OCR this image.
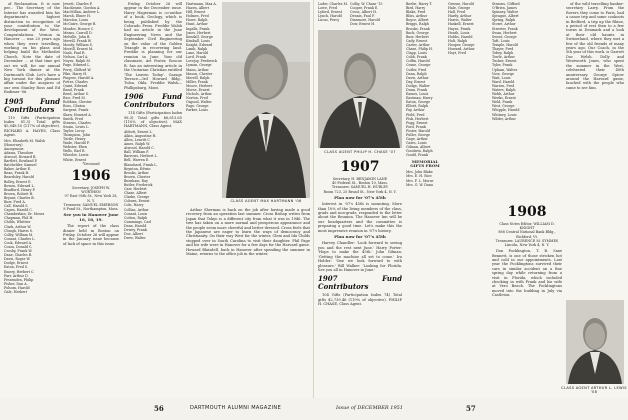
of Reclamation. It is now per... The Secretary of the Interior has awarded him his department's highest distinction in recognition of your contribution to the development of the West. Congratulations. Vernon in Hanover ... was 25 years ago when they were travelling, working on his plans and helping build the Methodist Church. Note the date of December ... at that time get out we will, for our annual New York dinner at the Dartmouth Club. Let's have a big turnout for this pleasant affair under the auspices of our own Stanley Ross and Ed Rodimer '06.

1905 Fund Contributors

110 Gifts (Participation Index 81.3) Total gifts $5,048.10 (117% of objective). RICHARD A. HAYES, Class Agent.

Mrs. Elizabeth M. Walsh
(Honorary)
Anonymous
Adams, Theodore
Atwood, Howard B.
Bartlett, Rowland P.
Batchelder, Samuel
Baker, Arthur E.
Bean, Frank H.
Beardsley, Harold
Bolley, Ernest E.
Bowen, Edward L.
Bradford, Henry P.
Brown, Robert H.
Bryant, Charles B.
Burr, Fred A.
Call, Harold S.
Capen, Harold C.
Chamberlain, Dr. Moses
Chapman, Phil H.
Childs, Whittier
Clark, Arthur W.
Clough, Harris S.
Colby, William M.
Conant, Charles L.
Cook, Edward A.
Cozza, Donald C.
Crosby, Frank W.
Dane, Charles B.
Davis, Roger W.
Dodge, Ernest
Eaton, Fred S.
Emery, Herbert C.
Farr, Arthur D.
Fessenden, Philip
Fisher, Dan A.
Folsom, Harold
Gale, Herbert
Jewett, Charles P.
MacKenzie, Gordon A.
MacMillan, Andrew L.
Marsh, Elmer H.
Marston, Louis
McGuire, George R.
Meader, Horace C.
Means, Carroll D.
Melville, John B.
Merrill, Frank W.
Moody, William S.
Morrill, Ernest M.
Nash, Paul R.
Nelson, Carl A.
Noyes, Ralph M.
Page, Edward L.
Perry, Clifford W.
Pike, Harry H.
Pingree, Harold A.
Potter, Charles
Quint, Edward
Rand, Frank
Reed, Arthur S.
Rice, Fred M.
Robbins, Chester
Ross, Clinton
Sargent, Frank
Shaw, Howard A.
Smith, Fred
Stearns, Charles
Swain, Lewis L.
Taylor, Leroy
Thompson, John
Tuttle, Henry
Wade, Harold F.
Webster, Eben
Wells, Earl R.
Wheeler, Lewis
White, Ernest
*Deceased
1906
Secretary, JOSEPH W. WORTHEN
97 East 95th St., New York 28, N. Y.
Treasurer, SAMUEL EMERSON
8 Pond St., Northampton, Mass.
See you in Hanover June 16, 18, 19.

The report of the class dinner held in Boston on Friday, October 26 will appear in the January issue because of lack of space in this issue.

Friday, October 26 will appear in the December issue. Harry Hagerman is co-author of a book, Geology, which is being published by the Colorado Press. Freddie Walsh had an article in the June Engineering News and the September Civil Engineering on the value of the Golden Triangle in recovering land. Freddie is planning for our reunion in June. Your old classmate, Art Foster, Roscoe B. has an interesting article in the Unitarian Christian entitled 'The Leaven Today'. Garage Terrace—3rd Howard Bldg., Tulsa, Okla. Freddie Walsh—Phillipsburg, Mont.

1906 Fund Contributors

114 Gifts (Participation Index 98.3) Total gifts $6,613.65 (110% of objective). MAX HARTMANN, Class Agent.

Abbott, Ernest L.
Aikin, Augustine H.
Allen, Leavitt C.
Ames, Ralph W.
Atwood, Harold C.
Ball, William F.
Barrows, Herbert L.
Bell, Warren E.
Blanchard, Frank L.
Boynton, Edwin
Brooks, Arthur
Brown, Chester
Burnham, Ray
Butler, Frederick
Carr, Herbert
Chase, Albert
Clarke, George
Coburn, Ernest
Cole, Harry
Collins, Arthur
Conant, Louis
Cotton, Ralph
Cummings, Carl
Dean, Harold
Dewey, Frank
Doe, Albert
Drew, Walter
Hartmann, Max A.
Hazen, Albert
Hill, Ernest
Holmes, Fred
Howe, Ralph
Hunt, Arthur
Ingalls, Frank
Jones, Herbert
Kendall, George
Kimball, Louis
Knight, Edward
Lamb, Ralph
Lane, Harold
Lord, Frank
Lovejoy, Frederick
Lyman, George
Mann, Arthur
Mason, Chester
Merrill, Ralph
Miller, Frank
Moore, Herbert
Morse, Ernest
Nichols, Arthur
Norton, Fred
Osgood, Walter
Page, George
Parker, Louis
CLASS AGENT MAX HARTMANN '06

Arthur Sherman is back on the job after having made a good recovery from an operation last summer. Cross Bishop writes from Japan that Tokyo is a different city from what it was in 1946. The tree has taken on a more normal and prosperous appearance and the people seem more cheerful and better dressed. Cross feels that the Japanese are eager to learn the ways of democracy and Christianity. On their way West for the winter, Clem and Ida Childs stopped over in South Carolina to visit their daughter. Phil Page and his wife were in Hanover for a few days for the Harvard game. Howard Blaisdell, back in Hanover after spending the summer in Maine, returns to the office job in the winter.

Loder, Charles M.
Lowe, Fred
Lyford, Ernest
Lynch, Harold
Lucas, Percy
Colby, W. Chase '15
Cooper, Frank E.
Cross, Albert H.
Dennis, Paul F.
Dinsmore, Harold
Dow, Ernest H.
CLASS AGENT PHILIP H. CHASE '07
1907
Secretary, H. BENJAMIN LANE
40 Federal St., Boston 10, Mass.
Treasurer, SAMUEL H. HURLEY
Room 723, 25 Broad St., New York 4, N. Y.
Plan now for '07's 45th

Interest in '07's 45th is mounting. More than 10% of the living members of the class, grads and non-grads, responded to the letter about the Reunion. The Hanover Inn will be our headquarters and the committee is preparing a good time. Let's make this the most impressive reunion in '07's history.

Plan now for '07's 45th

Harvey Chandler: 'Look forward to seeing you and the rest next June.' Harry Porter: 'Hope to make the 45th.' John Gilman: 'Getting the machine all set to come.' Ira Holder: 'One we look forward to with pleasure.' Bill Walker: 'Looking for Florida. See you all in Hanover in June.'

1907 Fund Contributors

104 Gifts (Participation Index 74) Total gifts $2,739.46 (119% of objective). PHILIP H. CHASE, Class Agent.

Beebe, Harry T.
Bird, Harry
Blake, Fred
Bliss, Arthur
Boyce, Albert
Briggs, Ralph
Brooks, Frank
Buck, George
Burr, Herbert
Cady, Ernest
Carter, Arthur
Chase, Philip H.
Clapp, Louis
Cobb, Frank
Coffin, Harold
Crane, George
Cutler, Fred
Dana, Ralph
Davis, Arthur
Day, Ernest
Dodge, Walter
Dunn, Frank
Eames, Louis
Eastman, Harry
Eaton, George
Elliott, Ralph
Fay, Arthur
Field, Fred
Fisk, Herbert
Fogg, Ernest
Ford, Frank
Foster, Harold
Fuller, George
Gage, Arthur
Gates, Louis
Gilman, Albert
Goodwin, Ralph
Gould, Frank
MEMORIAL GIFTS FROM
Mrs. John Blake
Mrs. E. H. Rice
Mrs. F. L. Morse
Mrs. G. W. Dana
Greene, Harold
Hale, George
Hall, Fred
Hardy, Arthur
Harris, Walter
Haskell, Ernest
Hayes, Frank
Heath, Louis
Hobbs, Harold
Holt, Ralph
Hooper, George
Howard, Arthur
Hoyt, Fred
Stearns, Clifford
O'Brien, James
Spinney, Walter
Sprague, Albert
Spring, Ralph
Stowe, Arthur
Streeter, Frank
Swan, Herbert
Sweet, George
Taft, Louis
Temple, Harold
Thayer, Fred
Tobey, Ralph
Towle, Arthur
Tucker, Ernest
Tyler, Frank
Upham, Walter
Vose, George
Wait, Louis
Ward, Harold
Warren, Fred
Waters, Ralph
Webb, Arthur
Weeks, Ernest
Weld, Frank
West, George
Whipple, Harold
Whitney, Louis
Wilder, Arthur
1908
Class Notes Editor, WILLIAM D. KNIGHT
888 Central National Bank Bldg., Richford, Vt.
Treasurer, LAURENCE M. SYMMES
Lincoln, New York 4, N. Y.

Don Pocklington, T. B. Saxe Bennett, is one of those stricken hot and cold in our appointments. Last year the Pocklingtons survived their cars in similar accident on a fine spring day while returning from a visit in Florida, which included checking in with Frank and his wife at Vero Beach. The Pocklingtons moved into the building in July via Castleton.

of the wild travelling banker-secretary Larry. From the Rovers they come to Paris, had a canoe trip and some cookouts in Bedford, a trip up the Rhine, a period of rest then to a few towns in Denmark and a look at their old haunts in Switzerland, where they met a few of the old friends of many years ago. Our Coach, in the 5th year of this work, is Garrett Doc Welsh. Dolly and Wentworth Jones, who spent the summer in the West, celebrated their 40th anniversary. George Spicer around the Harvard game, lunched with the people who came to see him.

CLASS AGENT ARTHUR L. LEWIS '08
56	DARTMOUTH ALUMNI MAGAZINE	Issue of DECEMBER 1951	57
